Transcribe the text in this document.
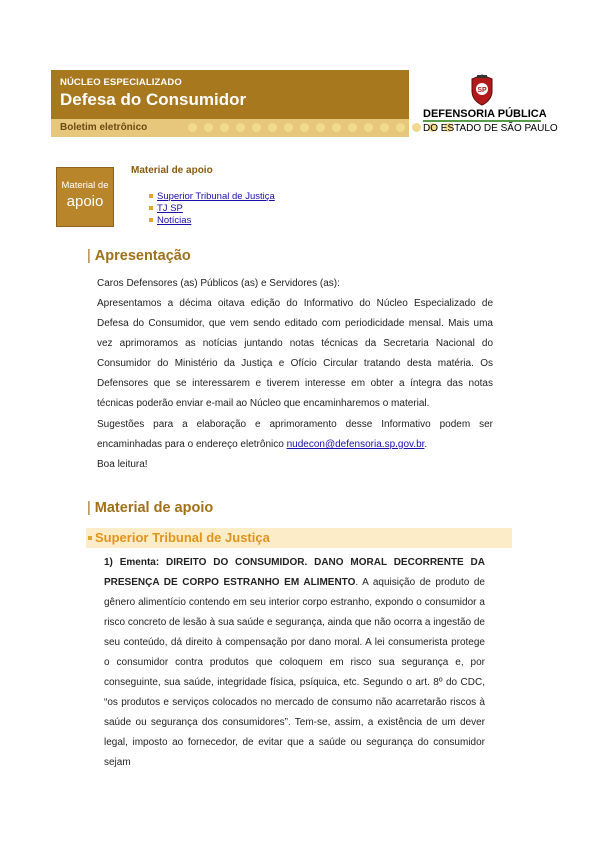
NÚCLEO ESPECIALIZADO
Defesa do Consumidor
Boletim eletrônico
SP
DEFENSORIA PÚBLICA
DO ESTADO DE SÃO PAULO
Material de
apoio
Material de apoio
Superior Tribunal de Justiça
TJ SP
Notícias
| Apresentação
Caros Defensores (as) Públicos (as) e Servidores (as):
Apresentamos a décima oitava edição do Informativo do Núcleo Especializado de Defesa do Consumidor, que vem sendo editado com periodicidade mensal. Mais uma vez aprimoramos as notícias juntando notas técnicas da Secretaria Nacional do Consumidor do Ministério da Justiça e Ofício Circular tratando desta matéria. Os Defensores que se interessarem e tiverem interesse em obter a íntegra das notas técnicas poderão enviar e-mail ao Núcleo que encaminharemos o material.
Sugestões para a elaboração e aprimoramento desse Informativo podem ser encaminhadas para o endereço eletrônico nudecon@defensoria.sp.gov.br.
Boa leitura!
| Material de apoio
Superior Tribunal de Justiça
1) Ementa: DIREITO DO CONSUMIDOR. DANO MORAL DECORRENTE DA PRESENÇA DE CORPO ESTRANHO EM ALIMENTO. A aquisição de produto de gênero alimentício contendo em seu interior corpo estranho, expondo o consumidor a risco concreto de lesão à sua saúde e segurança, ainda que não ocorra a ingestão de seu conteúdo, dá direito à compensação por dano moral. A lei consumerista protege o consumidor contra produtos que coloquem em risco sua segurança e, por conseguinte, sua saúde, integridade física, psíquica, etc. Segundo o art. 8º do CDC, “os produtos e serviços colocados no mercado de consumo não acarretarão riscos à saúde ou segurança dos consumidores”. Tem-se, assim, a existência de um dever legal, imposto ao fornecedor, de evitar que a saúde ou segurança do consumidor sejam
